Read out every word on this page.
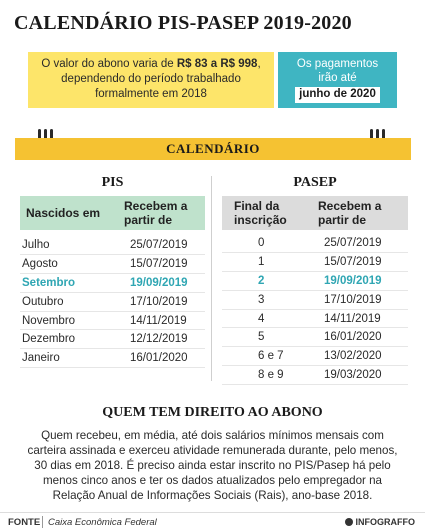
CALENDÁRIO PIS-PASEP 2019-2020
O valor do abono varia de R$ 83 a R$ 998, dependendo do período trabalhado formalmente em 2018
Os pagamentos irão até
junho de 2020
CALENDÁRIO
PIS	PASEP
Nascidos em	Recebem a partir de

Julho	25/07/2019
Agosto	15/07/2019
Setembro	19/09/2019
Outubro	17/10/2019
Novembro	14/11/2019
Dezembro	12/12/2019
Janeiro	16/01/2020
Final da inscrição	Recebem a partir de

0	25/07/2019
1	15/07/2019
2	19/09/2019
3	17/10/2019
4	14/11/2019
5	16/01/2020
6 e 7	13/02/2020
8 e 9	19/03/2020
QUEM TEM DIREITO AO ABONO
Quem recebeu, em média, até dois salários mínimos mensais com carteira assinada e exerceu atividade remunerada durante, pelo menos, 30 dias em 2018. É preciso ainda estar inscrito no PIS/Pasep há pelo menos cinco anos e ter os dados atualizados pelo empregador na Relação Anual de Informações Sociais (Rais), ano-base 2018.
FONTE Caixa Econômica Federal	INFOGRAFFO
